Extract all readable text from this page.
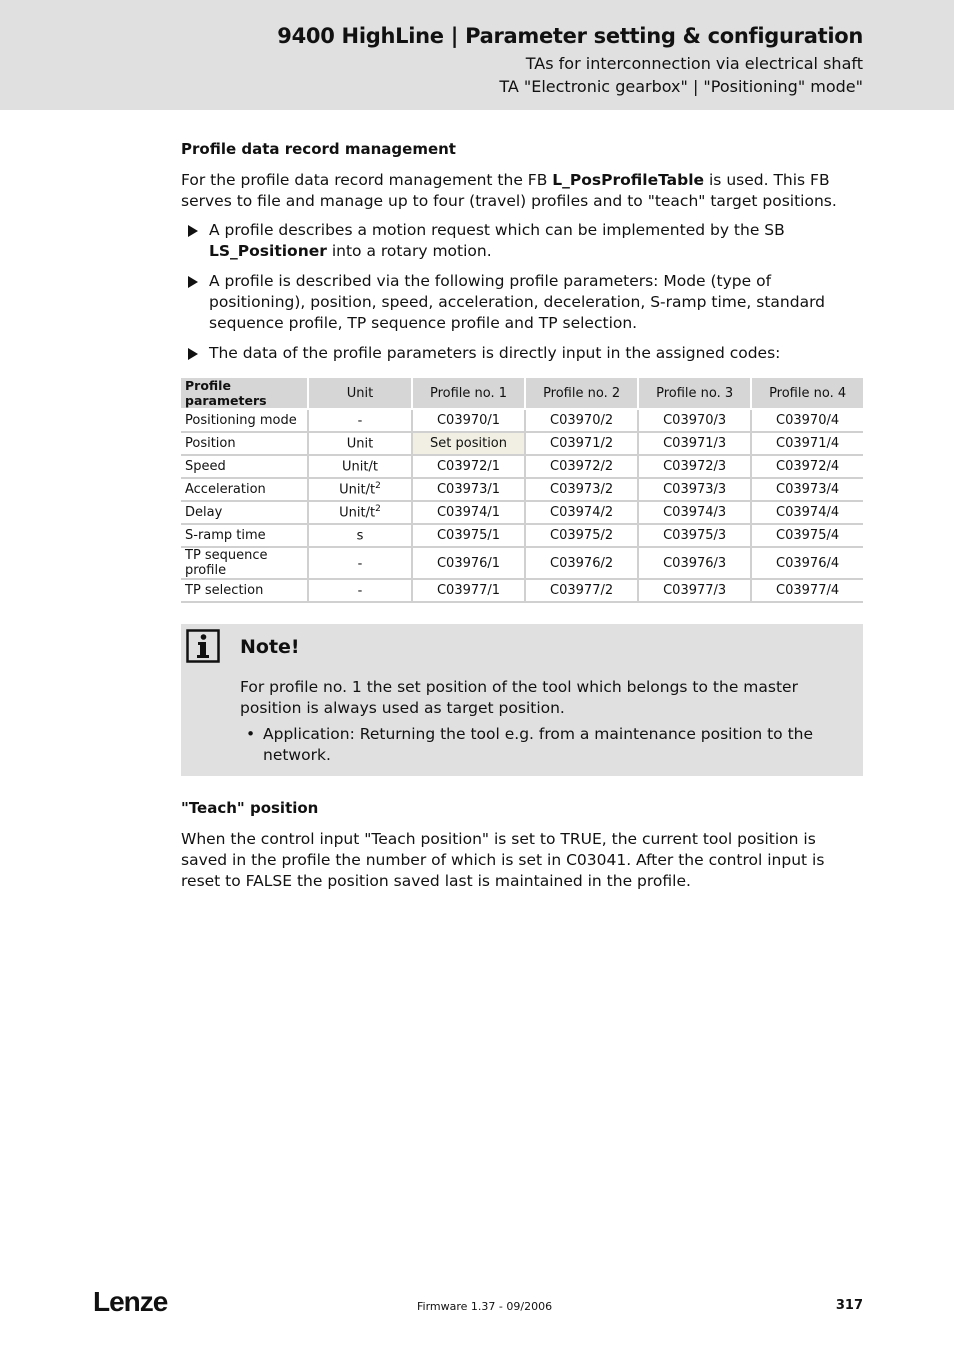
9400 HighLine | Parameter setting & configuration
TAs for interconnection via electrical shaft
TA "Electronic gearbox" | "Positioning" mode"
Profile data record management

For the profile data record management the FB L_PosProfileTable is used. This FB serves to file and manage up to four (travel) profiles and to "teach" target positions.

A profile describes a motion request which can be implemented by the SB LS_Positioner into a rotary motion.
A profile is described via the following profile parameters: Mode (type of positioning), position, speed, acceleration, deceleration, S-ramp time, standard sequence profile, TP sequence profile and TP selection.
The data of the profile parameters is directly input in the assigned codes:
Profile parameters	Unit	Profile no. 1	Profile no. 2	Profile no. 3	Profile no. 4
Positioning mode	-	C03970/1	C03970/2	C03970/3	C03970/4
Position	Unit	Set position	C03971/2	C03971/3	C03971/4
Speed	Unit/t	C03972/1	C03972/2	C03972/3	C03972/4
Acceleration	Unit/$t^2$	C03973/1	C03973/2	C03973/3	C03973/4
Delay	Unit/$t^2$	C03974/1	C03974/2	C03974/3	C03974/4
S-ramp time	s	C03975/1	C03975/2	C03975/3	C03975/4
TP sequence profile	-	C03976/1	C03976/2	C03976/3	C03976/4
TP selection	-	C03977/1	C03977/2	C03977/3	C03977/4
Note!
For profile no. 1 the set position of the tool which belongs to the master position is always used as target position.
• Application: Returning the tool e.g. from a maintenance position to the network.
"Teach" position

When the control input "Teach position" is set to TRUE, the current tool position is saved in the profile the number of which is set in C03041. After the control input is reset to FALSE the position saved last is maintained in the profile.

Lenze	Firmware 1.37 - 09/2006	317
